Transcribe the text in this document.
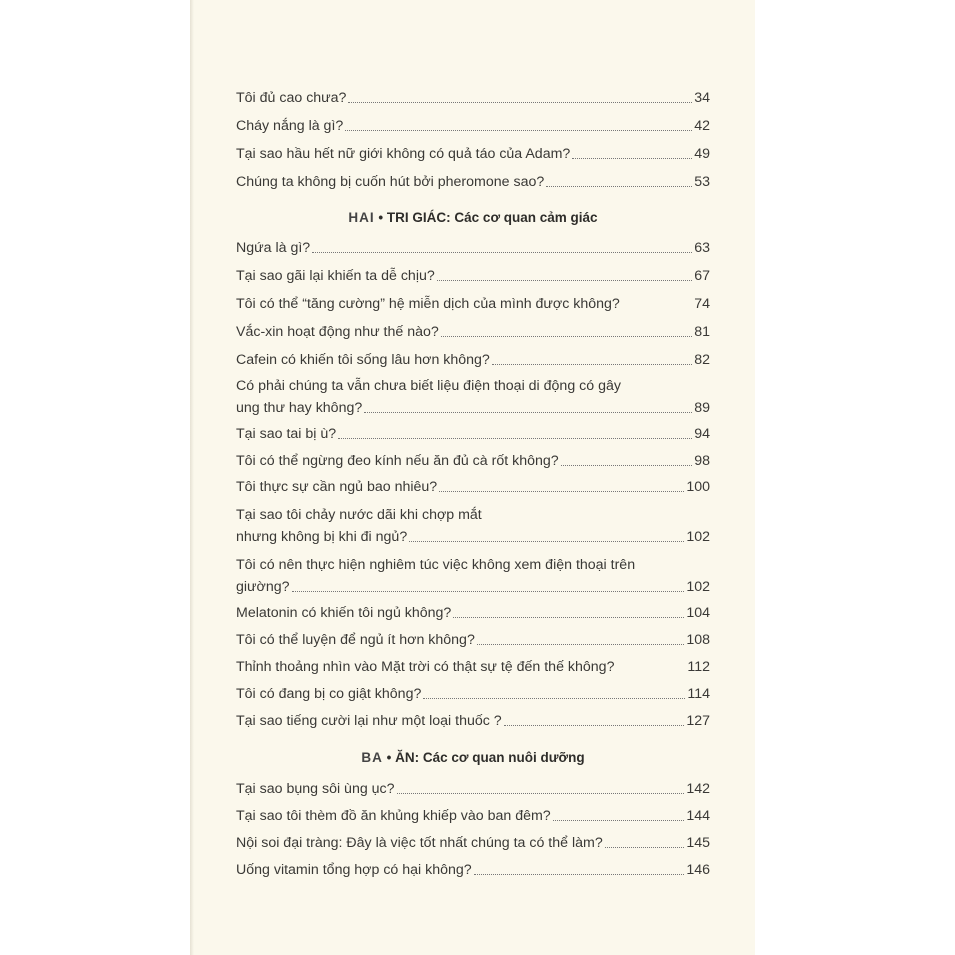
Tôi đủ cao chưa?	34
Cháy nắng là gì?	42
Tại sao hầu hết nữ giới không có quả táo của Adam?	49
Chúng ta không bị cuốn hút bởi pheromone sao?	53
HAI • TRI GIÁC: Các cơ quan cảm giác
Ngứa là gì?	63
Tại sao gãi lại khiến ta dễ chịu?	67
Tôi có thể “tăng cường” hệ miễn dịch của mình được không?	74
Vắc-xin hoạt động như thế nào?	81
Cafein có khiến tôi sống lâu hơn không?	82
Có phải chúng ta vẫn chưa biết liệu điện thoại di động có gây
ung thư hay không?	89
Tại sao tai bị ù?	94
Tôi có thể ngừng đeo kính nếu ăn đủ cà rốt không?	98
Tôi thực sự cần ngủ bao nhiêu?	100
Tại sao tôi chảy nước dãi khi chợp mắt
nhưng không bị khi đi ngủ?	102
Tôi có nên thực hiện nghiêm túc việc không xem điện thoại trên
giường?	102
Melatonin có khiến tôi ngủ không?	104
Tôi có thể luyện để ngủ ít hơn không?	108
Thỉnh thoảng nhìn vào Mặt trời có thật sự tệ đến thế không?	112
Tôi có đang bị co giật không?	114
Tại sao tiếng cười lại như một loại thuốc ?	127
BA • ĂN: Các cơ quan nuôi dưỡng
Tại sao bụng sôi ùng ục?	142
Tại sao tôi thèm đồ ăn khủng khiếp vào ban đêm?	144
Nội soi đại tràng: Đây là việc tốt nhất chúng ta có thể làm?	145
Uống vitamin tổng hợp có hại không?	146
